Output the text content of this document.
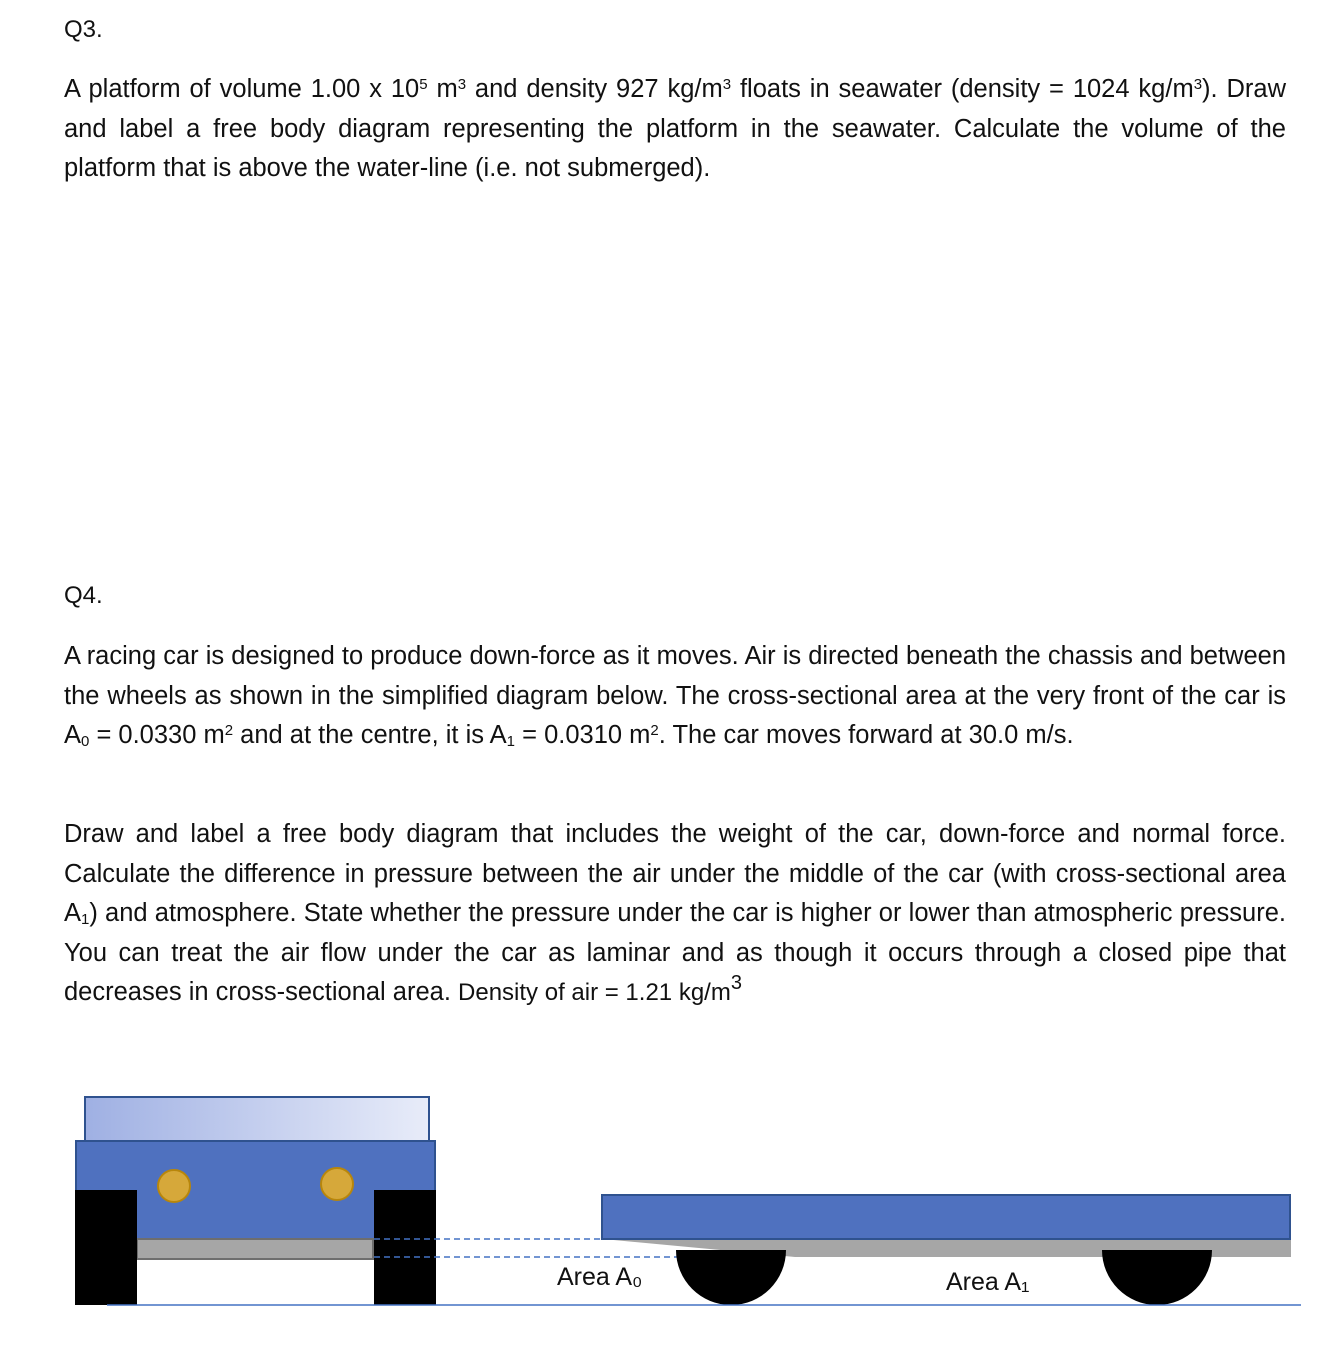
Q3.
A platform of volume 1.00 x $10^5$ $m^3$ and density 927 $kg/m^3$ floats in seawater (density = 1024 $kg/m^3$). Draw and label a free body diagram representing the platform in the seawater. Calculate the volume of the platform that is above the water-line (i.e. not submerged).
Q4.
A racing car is designed to produce down-force as it moves. Air is directed beneath the chassis and between the wheels as shown in the simplified diagram below. The cross-sectional area at the very front of the car is $A_0 = 0.0330$ $m^2$ and at the centre, it is $A_1 = 0.0310$ $m^2$. The car moves forward at 30.0 m/s.
Draw and label a free body diagram that includes the weight of the car, down-force and normal force. Calculate the difference in pressure between the air under the middle of the car (with cross-sectional area $A_1$) and atmosphere. State whether the pressure under the car is higher or lower than atmospheric pressure. You can treat the air flow under the car as laminar and as though it occurs through a closed pipe that decreases in cross-sectional area. Density of air = 1.21 $kg/m^3$
Area A₀	Area A₁
